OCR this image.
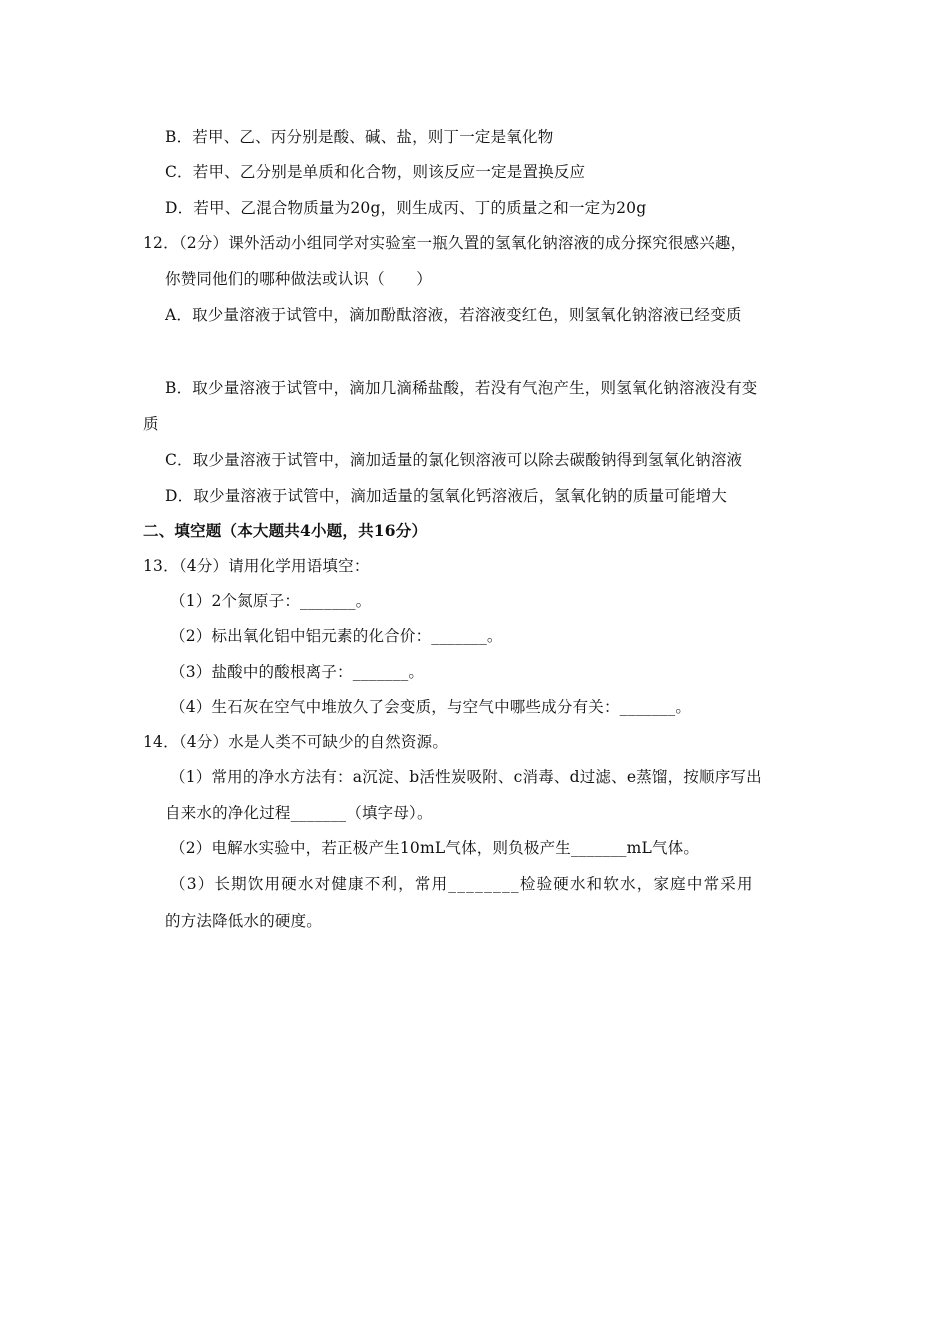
B．若甲、乙、丙分别是酸、碱、盐，则丁一定是氧化物
C．若甲、乙分别是单质和化合物，则该反应一定是置换反应
D．若甲、乙混合物质量为20g，则生成丙、丁的质量之和一定为20g
12．（2分）课外活动小组同学对实验室一瓶久置的氢氧化钠溶液的成分探究很感兴趣，
你赞同他们的哪种做法或认识（　　）
A．取少量溶液于试管中，滴加酚酞溶液，若溶液变红色，则氢氧化钠溶液已经变质
B．取少量溶液于试管中，滴加几滴稀盐酸，若没有气泡产生，则氢氧化钠溶液没有变
质
C．取少量溶液于试管中，滴加适量的氯化钡溶液可以除去碳酸钠得到氢氧化钠溶液
D．取少量溶液于试管中，滴加适量的氢氧化钙溶液后，氢氧化钠的质量可能增大
二、填空题（本大题共4小题，共16分）
13．（4分）请用化学用语填空：
（1）2个氮原子：_______。
（2）标出氧化铝中铝元素的化合价：_______。
（3）盐酸中的酸根离子：_______。
（4）生石灰在空气中堆放久了会变质，与空气中哪些成分有关：_______。
14．（4分）水是人类不可缺少的自然资源。
（1）常用的净水方法有：a沉淀、b活性炭吸附、c消毒、d过滤、e蒸馏，按顺序写出
自来水的净化过程_______（填字母）。
（2）电解水实验中，若正极产生10mL气体，则负极产生_______mL气体。
（3）长期饮用硬水对健康不利，常用________检验硬水和软水，家庭中常采用
的方法降低水的硬度。
